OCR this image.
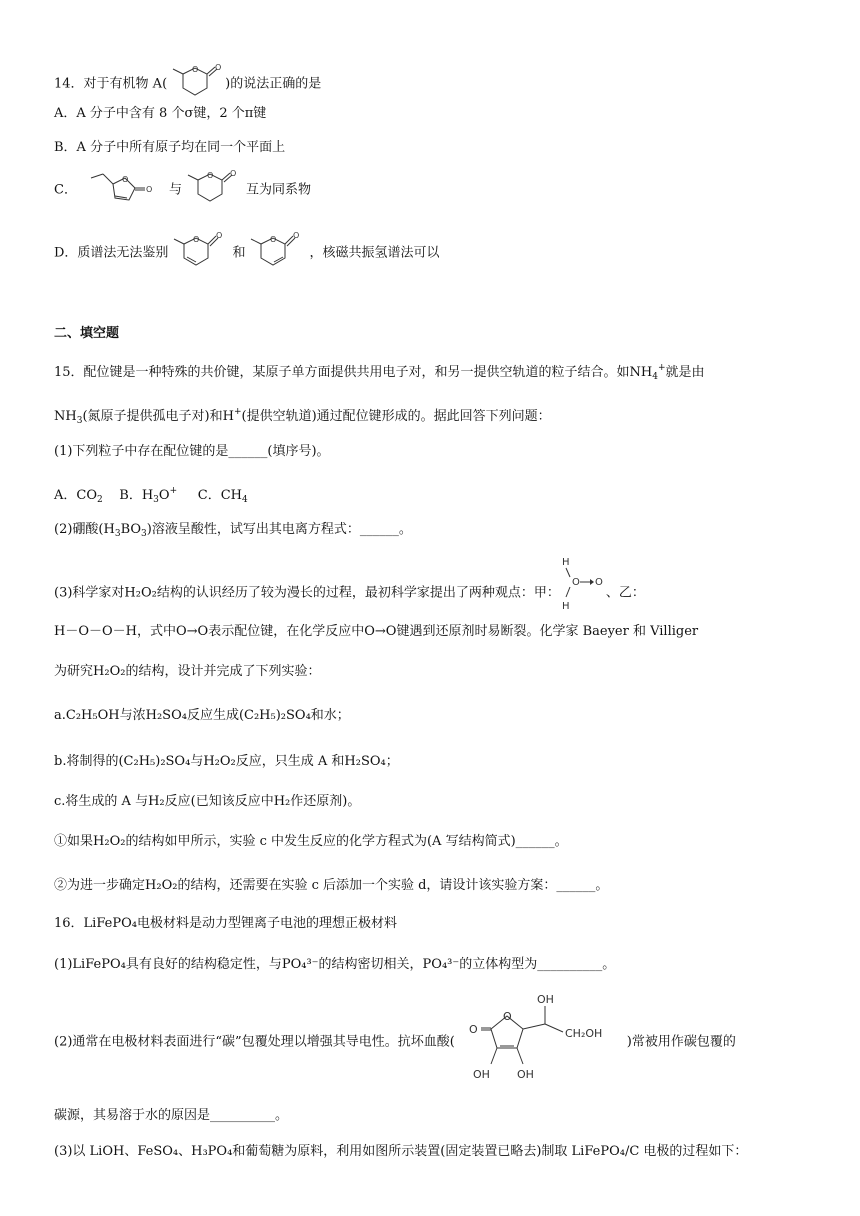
14．对于有机物 A(
O O
)的说法正确的是
A．A 分子中含有 8 个σ键，2 个π键
B．A 分子中所有原子均在同一个平面上
C．
O
O 与
O O
互为同系物
D．质谱法无法鉴别
O O
和
O O
，核磁共振氢谱法可以
二、填空题
15．配位键是一种特殊的共价键，某原子单方面提供共用电子对，和另一提供空轨道的粒子结合。如$NH_4^+$就是由
$NH_3$(氮原子提供孤电子对)和H+(提供空轨道)通过配位键形成的。据此回答下列问题：
(1)下列粒子中存在配位键的是______(填序号)。
A．$CO_2$ B．$H_3O^+$ C．$CH_4$
(2)硼酸$(H_3BO_3)$溶液呈酸性，试写出其电离方程式：______。
(3)科学家对H₂O₂结构的认识经历了较为漫长的过程，最初科学家提出了两种观点：甲：
H
O O
H
、乙：
H－O－O－H，式中O→O表示配位键，在化学反应中O→O键遇到还原剂时易断裂。化学家 Baeyer 和 Villiger
为研究H₂O₂的结构，设计并完成了下列实验：
a.C₂H₅OH与浓H₂SO₄反应生成(C₂H₅)₂SO₄和水；
b.将制得的(C₂H₅)₂SO₄与H₂O₂反应，只生成 A 和H₂SO₄；
c.将生成的 A 与H₂反应(已知该反应中H₂作还原剂)。
①如果H₂O₂的结构如甲所示，实验 c 中发生反应的化学方程式为(A 写结构简式)______。
②为进一步确定H₂O₂的结构，还需要在实验 c 后添加一个实验 d，请设计该实验方案：______。
16．LiFePO₄电极材料是动力型锂离子电池的理想正极材料
(1)LiFePO₄具有良好的结构稳定性，与PO₄³⁻的结构密切相关，PO₄³⁻的立体构型为__________。
(2)通常在电极材料表面进行“碳”包覆处理以增强其导电性。抗坏血酸(
O
O
OH OH
OH
CH₂OH
)常被用作碳包覆的
碳源，其易溶于水的原因是__________。
(3)以 LiOH、FeSO₄、H₃PO₄和葡萄糖为原料，利用如图所示装置(固定装置已略去)制取 LiFePO₄/C 电极的过程如下：
